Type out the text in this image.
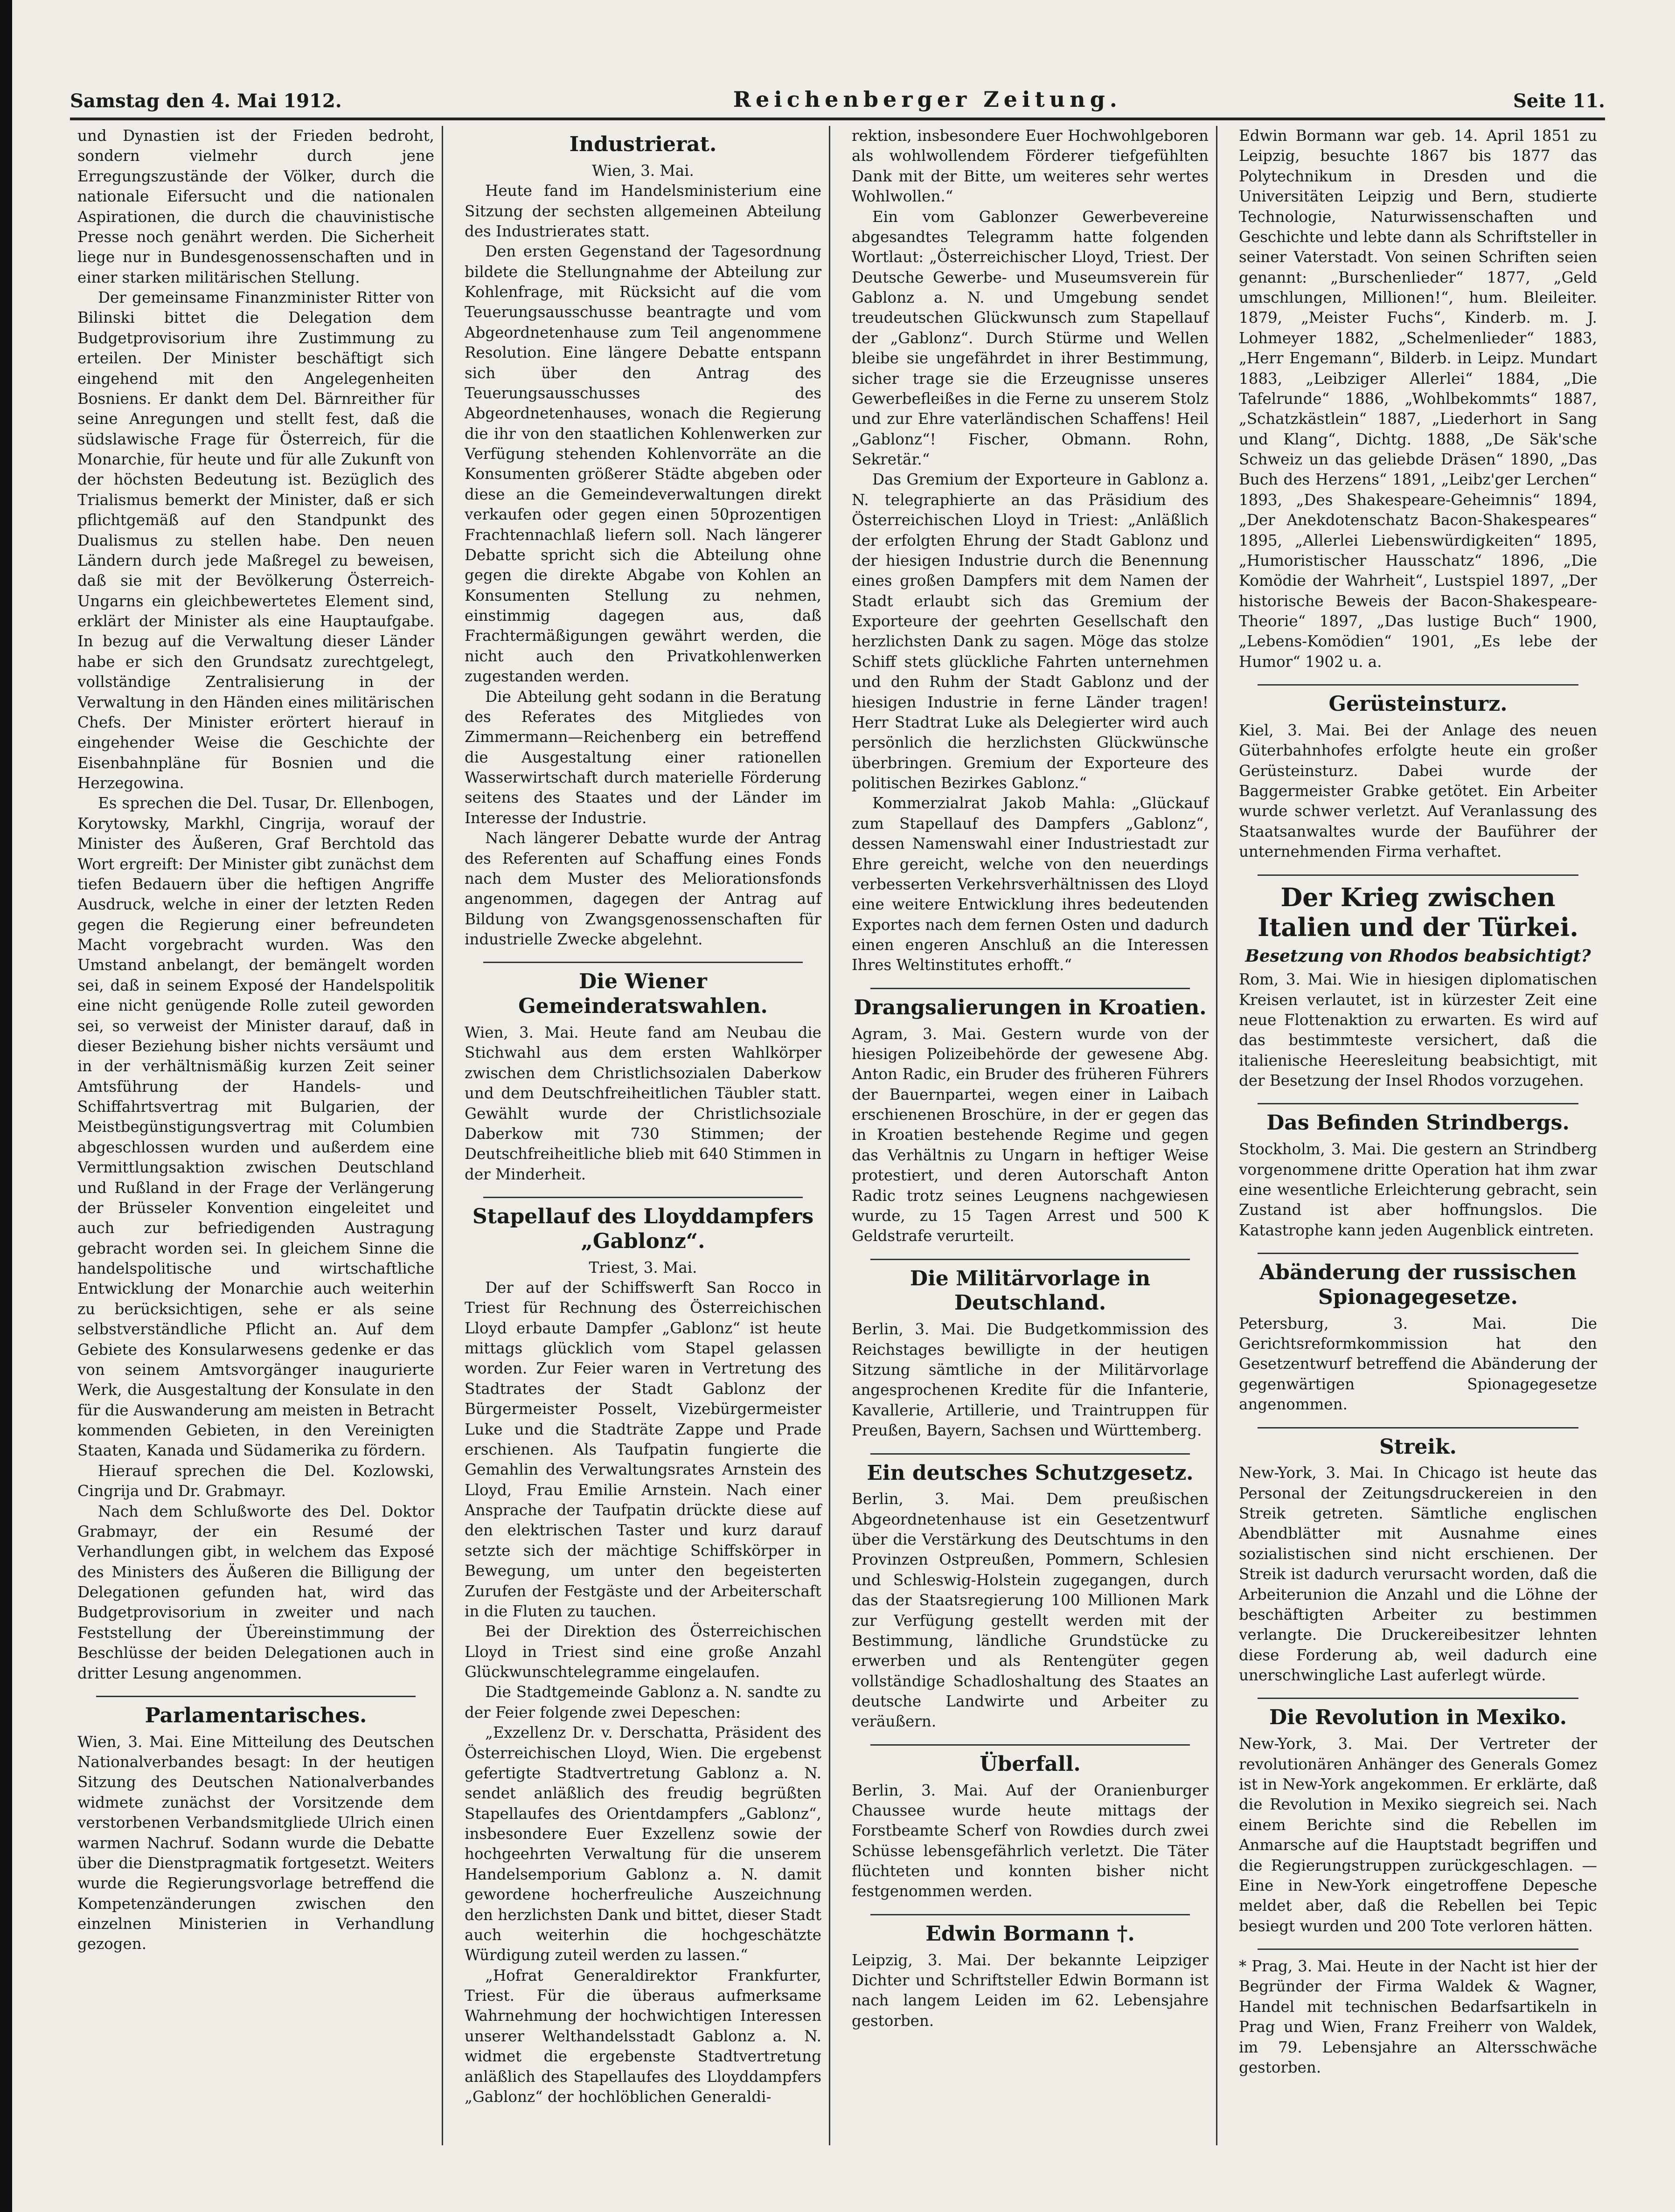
Samstag den 4. Mai 1912.	Reichenberger Zeitung.	Seite 11.

und Dynastien ist der Frieden bedroht, sondern vielmehr durch jene Erregungszustände der Völker, durch die nationale Eifersucht und die nationalen Aspirationen, die durch die chauvinistische Presse noch genährt werden. Die Sicherheit liege nur in Bundesgenossenschaften und in einer starken militärischen Stellung.

Der gemeinsame Finanzminister Ritter von Bilinski bittet die Delegation dem Budgetprovisorium ihre Zustimmung zu erteilen. Der Minister beschäftigt sich eingehend mit den Angelegenheiten Bosniens. Er dankt dem Del. Bärnreither für seine Anregungen und stellt fest, daß die südslawische Frage für Österreich, für die Monarchie, für heute und für alle Zukunft von der höchsten Bedeutung ist. Bezüglich des Trialismus bemerkt der Minister, daß er sich pflichtgemäß auf den Standpunkt des Dualismus zu stellen habe. Den neuen Ländern durch jede Maßregel zu beweisen, daß sie mit der Bevölkerung Österreich-Ungarns ein gleichbewertetes Element sind, erklärt der Minister als eine Hauptaufgabe. In bezug auf die Verwaltung dieser Länder habe er sich den Grundsatz zurechtgelegt, vollständige Zentralisierung in der Verwaltung in den Händen eines militärischen Chefs. Der Minister erörtert hierauf in eingehender Weise die Geschichte der Eisenbahnpläne für Bosnien und die Herzegowina.

Es sprechen die Del. Tusar, Dr. Ellenbogen, Korytowsky, Markhl, Cingrija, worauf der Minister des Äußeren, Graf Berchtold das Wort ergreift: Der Minister gibt zunächst dem tiefen Bedauern über die heftigen Angriffe Ausdruck, welche in einer der letzten Reden gegen die Regierung einer befreundeten Macht vorgebracht wurden. Was den Umstand anbelangt, der bemängelt worden sei, daß in seinem Exposé der Handelspolitik eine nicht genügende Rolle zuteil geworden sei, so verweist der Minister darauf, daß in dieser Beziehung bisher nichts versäumt und in der verhältnismäßig kurzen Zeit seiner Amtsführung der Handels- und Schiffahrtsvertrag mit Bulgarien, der Meistbegünstigungsvertrag mit Columbien abgeschlossen wurden und außerdem eine Vermittlungsaktion zwischen Deutschland und Rußland in der Frage der Verlängerung der Brüsseler Konvention eingeleitet und auch zur befriedigenden Austragung gebracht worden sei. In gleichem Sinne die handelspolitische und wirtschaftliche Entwicklung der Monarchie auch weiterhin zu berücksichtigen, sehe er als seine selbstverständliche Pflicht an. Auf dem Gebiete des Konsularwesens gedenke er das von seinem Amtsvorgänger inaugurierte Werk, die Ausgestaltung der Konsulate in den für die Auswanderung am meisten in Betracht kommenden Gebieten, in den Vereinigten Staaten, Kanada und Südamerika zu fördern.

Hierauf sprechen die Del. Kozlowski, Cingrija und Dr. Grabmayr.

Nach dem Schlußworte des Del. Doktor Grabmayr, der ein Resumé der Verhandlungen gibt, in welchem das Exposé des Ministers des Äußeren die Billigung der Delegationen gefunden hat, wird das Budgetprovisorium in zweiter und nach Feststellung der Übereinstimmung der Beschlüsse der beiden Delegationen auch in dritter Lesung angenommen.

Parlamentarisches.

Wien, 3. Mai. Eine Mitteilung des Deutschen Nationalverbandes besagt: In der heutigen Sitzung des Deutschen Nationalverbandes widmete zunächst der Vorsitzende dem verstorbenen Verbandsmitgliede Ulrich einen warmen Nachruf. Sodann wurde die Debatte über die Dienstpragmatik fortgesetzt. Weiters wurde die Regierungsvorlage betreffend die Kompetenzänderungen zwischen den einzelnen Ministerien in Verhandlung gezogen.

Industrierat.

Wien, 3. Mai.

Heute fand im Handelsministerium eine Sitzung der sechsten allgemeinen Abteilung des Industrierates statt.

Den ersten Gegenstand der Tagesordnung bildete die Stellungnahme der Abteilung zur Kohlenfrage, mit Rücksicht auf die vom Teuerungsausschusse beantragte und vom Abgeordnetenhause zum Teil angenommene Resolution. Eine längere Debatte entspann sich über den Antrag des Teuerungsausschusses des Abgeordnetenhauses, wonach die Regierung die ihr von den staatlichen Kohlenwerken zur Verfügung stehenden Kohlenvorräte an die Konsumenten größerer Städte abgeben oder diese an die Gemeindeverwaltungen direkt verkaufen oder gegen einen 50prozentigen Frachtennachlaß liefern soll. Nach längerer Debatte spricht sich die Abteilung ohne gegen die direkte Abgabe von Kohlen an Konsumenten Stellung zu nehmen, einstimmig dagegen aus, daß Frachtermäßigungen gewährt werden, die nicht auch den Privatkohlenwerken zugestanden werden.

Die Abteilung geht sodann in die Beratung des Referates des Mitgliedes von Zimmermann—Reichenberg ein betreffend die Ausgestaltung einer rationellen Wasserwirtschaft durch materielle Förderung seitens des Staates und der Länder im Interesse der Industrie.

Nach längerer Debatte wurde der Antrag des Referenten auf Schaffung eines Fonds nach dem Muster des Meliorationsfonds angenommen, dagegen der Antrag auf Bildung von Zwangsgenossenschaften für industrielle Zwecke abgelehnt.

Die Wiener Gemeinderatswahlen.

Wien, 3. Mai. Heute fand am Neubau die Stichwahl aus dem ersten Wahlkörper zwischen dem Christlichsozialen Daberkow und dem Deutschfreiheitlichen Täubler statt. Gewählt wurde der Christlichsoziale Daberkow mit 730 Stimmen; der Deutschfreiheitliche blieb mit 640 Stimmen in der Minderheit.

Stapellauf des Lloyddampfers „Gablonz“.

Triest, 3. Mai.

Der auf der Schiffswerft San Rocco in Triest für Rechnung des Österreichischen Lloyd erbaute Dampfer „Gablonz“ ist heute mittags glücklich vom Stapel gelassen worden. Zur Feier waren in Vertretung des Stadtrates der Stadt Gablonz der Bürgermeister Posselt, Vizebürgermeister Luke und die Stadträte Zappe und Prade erschienen. Als Taufpatin fungierte die Gemahlin des Verwaltungsrates Arnstein des Lloyd, Frau Emilie Arnstein. Nach einer Ansprache der Taufpatin drückte diese auf den elektrischen Taster und kurz darauf setzte sich der mächtige Schiffskörper in Bewegung, um unter den begeisterten Zurufen der Festgäste und der Arbeiterschaft in die Fluten zu tauchen.

Bei der Direktion des Österreichischen Lloyd in Triest sind eine große Anzahl Glückwunschtelegramme eingelaufen.

Die Stadtgemeinde Gablonz a. N. sandte zu der Feier folgende zwei Depeschen:

„Exzellenz Dr. v. Derschatta, Präsident des Österreichischen Lloyd, Wien. Die ergebenst gefertigte Stadtvertretung Gablonz a. N. sendet anläßlich des freudig begrüßten Stapellaufes des Orientdampfers „Gablonz“, insbesondere Euer Exzellenz sowie der hochgeehrten Verwaltung für die unserem Handelsemporium Gablonz a. N. damit gewordene hocherfreuliche Auszeichnung den herzlichsten Dank und bittet, dieser Stadt auch weiterhin die hochgeschätzte Würdigung zuteil werden zu lassen.“

„Hofrat Generaldirektor Frankfurter, Triest. Für die überaus aufmerksame Wahrnehmung der hochwichtigen Interessen unserer Welthandelsstadt Gablonz a. N. widmet die ergebenste Stadtvertretung anläßlich des Stapellaufes des Lloyddampfers „Gablonz“ der hochlöblichen Generaldi-

rektion, insbesondere Euer Hochwohlgeboren als wohlwollendem Förderer tiefgefühlten Dank mit der Bitte, um weiteres sehr wertes Wohlwollen.“

Ein vom Gablonzer Gewerbevereine abgesandtes Telegramm hatte folgenden Wortlaut: „Österreichischer Lloyd, Triest. Der Deutsche Gewerbe- und Museumsverein für Gablonz a. N. und Umgebung sendet treudeutschen Glückwunsch zum Stapellauf der „Gablonz“. Durch Stürme und Wellen bleibe sie ungefährdet in ihrer Bestimmung, sicher trage sie die Erzeugnisse unseres Gewerbefleißes in die Ferne zu unserem Stolz und zur Ehre vaterländischen Schaffens! Heil „Gablonz“! Fischer, Obmann. Rohn, Sekretär.“

Das Gremium der Exporteure in Gablonz a. N. telegraphierte an das Präsidium des Österreichischen Lloyd in Triest: „Anläßlich der erfolgten Ehrung der Stadt Gablonz und der hiesigen Industrie durch die Benennung eines großen Dampfers mit dem Namen der Stadt erlaubt sich das Gremium der Exporteure der geehrten Gesellschaft den herzlichsten Dank zu sagen. Möge das stolze Schiff stets glückliche Fahrten unternehmen und den Ruhm der Stadt Gablonz und der hiesigen Industrie in ferne Länder tragen! Herr Stadtrat Luke als Delegierter wird auch persönlich die herzlichsten Glückwünsche überbringen. Gremium der Exporteure des politischen Bezirkes Gablonz.“

Kommerzialrat Jakob Mahla: „Glückauf zum Stapellauf des Dampfers „Gablonz“, dessen Namenswahl einer Industriestadt zur Ehre gereicht, welche von den neuerdings verbesserten Verkehrsverhältnissen des Lloyd eine weitere Entwicklung ihres bedeutenden Exportes nach dem fernen Osten und dadurch einen engeren Anschluß an die Interessen Ihres Weltinstitutes erhofft.“

Drangsalierungen in Kroatien.

Agram, 3. Mai. Gestern wurde von der hiesigen Polizeibehörde der gewesene Abg. Anton Radic, ein Bruder des früheren Führers der Bauernpartei, wegen einer in Laibach erschienenen Broschüre, in der er gegen das in Kroatien bestehende Regime und gegen das Verhältnis zu Ungarn in heftiger Weise protestiert, und deren Autorschaft Anton Radic trotz seines Leugnens nachgewiesen wurde, zu 15 Tagen Arrest und 500 K Geldstrafe verurteilt.

Die Militärvorlage in Deutschland.

Berlin, 3. Mai. Die Budgetkommission des Reichstages bewilligte in der heutigen Sitzung sämtliche in der Militärvorlage angesprochenen Kredite für die Infanterie, Kavallerie, Artillerie, und Traintruppen für Preußen, Bayern, Sachsen und Württemberg.

Ein deutsches Schutzgesetz.

Berlin, 3. Mai. Dem preußischen Abgeordnetenhause ist ein Gesetzentwurf über die Verstärkung des Deutschtums in den Provinzen Ostpreußen, Pommern, Schlesien und Schleswig-Holstein zugegangen, durch das der Staatsregierung 100 Millionen Mark zur Verfügung gestellt werden mit der Bestimmung, ländliche Grundstücke zu erwerben und als Rentengüter gegen vollständige Schadloshaltung des Staates an deutsche Landwirte und Arbeiter zu veräußern.

Überfall.

Berlin, 3. Mai. Auf der Oranienburger Chaussee wurde heute mittags der Forstbeamte Scherf von Rowdies durch zwei Schüsse lebensgefährlich verletzt. Die Täter flüchteten und konnten bisher nicht festgenommen werden.

Edwin Bormann †.

Leipzig, 3. Mai. Der bekannte Leipziger Dichter und Schriftsteller Edwin Bormann ist nach langem Leiden im 62. Lebensjahre gestorben.

Edwin Bormann war geb. 14. April 1851 zu Leipzig, besuchte 1867 bis 1877 das Polytechnikum in Dresden und die Universitäten Leipzig und Bern, studierte Technologie, Naturwissenschaften und Geschichte und lebte dann als Schriftsteller in seiner Vaterstadt. Von seinen Schriften seien genannt: „Burschenlieder“ 1877, „Geld umschlungen, Millionen!“, hum. Bleileiter. 1879, „Meister Fuchs“, Kinderb. m. J. Lohmeyer 1882, „Schelmenlieder“ 1883, „Herr Engemann“, Bilderb. in Leipz. Mundart 1883, „Leibziger Allerlei“ 1884, „Die Tafelrunde“ 1886, „Wohlbekommts“ 1887, „Schatzkästlein“ 1887, „Liederhort in Sang und Klang“, Dichtg. 1888, „De Säk'sche Schweiz un das geliebde Dräsen“ 1890, „Das Buch des Herzens“ 1891, „Leibz'ger Lerchen“ 1893, „Des Shakespeare-Geheimnis“ 1894, „Der Anekdotenschatz Bacon-Shakespeares“ 1895, „Allerlei Liebenswürdigkeiten“ 1895, „Humoristischer Hausschatz“ 1896, „Die Komödie der Wahrheit“, Lustspiel 1897, „Der historische Beweis der Bacon-Shakespeare-Theorie“ 1897, „Das lustige Buch“ 1900, „Lebens-Komödien“ 1901, „Es lebe der Humor“ 1902 u. a.

Gerüsteinsturz.

Kiel, 3. Mai. Bei der Anlage des neuen Güterbahnhofes erfolgte heute ein großer Gerüsteinsturz. Dabei wurde der Baggermeister Grabke getötet. Ein Arbeiter wurde schwer verletzt. Auf Veranlassung des Staatsanwaltes wurde der Bauführer der unternehmenden Firma verhaftet.

Der Krieg zwischen Italien und der Türkei.
Besetzung von Rhodos beabsichtigt?

Rom, 3. Mai. Wie in hiesigen diplomatischen Kreisen verlautet, ist in kürzester Zeit eine neue Flottenaktion zu erwarten. Es wird auf das bestimmteste versichert, daß die italienische Heeresleitung beabsichtigt, mit der Besetzung der Insel Rhodos vorzugehen.

Das Befinden Strindbergs.

Stockholm, 3. Mai. Die gestern an Strindberg vorgenommene dritte Operation hat ihm zwar eine wesentliche Erleichterung gebracht, sein Zustand ist aber hoffnungslos. Die Katastrophe kann jeden Augenblick eintreten.

Abänderung der russischen Spionagegesetze.

Petersburg, 3. Mai. Die Gerichtsreformkommission hat den Gesetzentwurf betreffend die Abänderung der gegenwärtigen Spionagegesetze angenommen.

Streik.

New-York, 3. Mai. In Chicago ist heute das Personal der Zeitungsdruckereien in den Streik getreten. Sämtliche englischen Abendblätter mit Ausnahme eines sozialistischen sind nicht erschienen. Der Streik ist dadurch verursacht worden, daß die Arbeiterunion die Anzahl und die Löhne der beschäftigten Arbeiter zu bestimmen verlangte. Die Druckereibesitzer lehnten diese Forderung ab, weil dadurch eine unerschwingliche Last auferlegt würde.

Die Revolution in Mexiko.

New-York, 3. Mai. Der Vertreter der revolutionären Anhänger des Generals Gomez ist in New-York angekommen. Er erklärte, daß die Revolution in Mexiko siegreich sei. Nach einem Berichte sind die Rebellen im Anmarsche auf die Hauptstadt begriffen und die Regierungstruppen zurückgeschlagen. — Eine in New-York eingetroffene Depesche meldet aber, daß die Rebellen bei Tepic besiegt wurden und 200 Tote verloren hätten.

* Prag, 3. Mai. Heute in der Nacht ist hier der Begründer der Firma Waldek & Wagner, Handel mit technischen Bedarfsartikeln in Prag und Wien, Franz Freiherr von Waldek, im 79. Lebensjahre an Altersschwäche gestorben.
